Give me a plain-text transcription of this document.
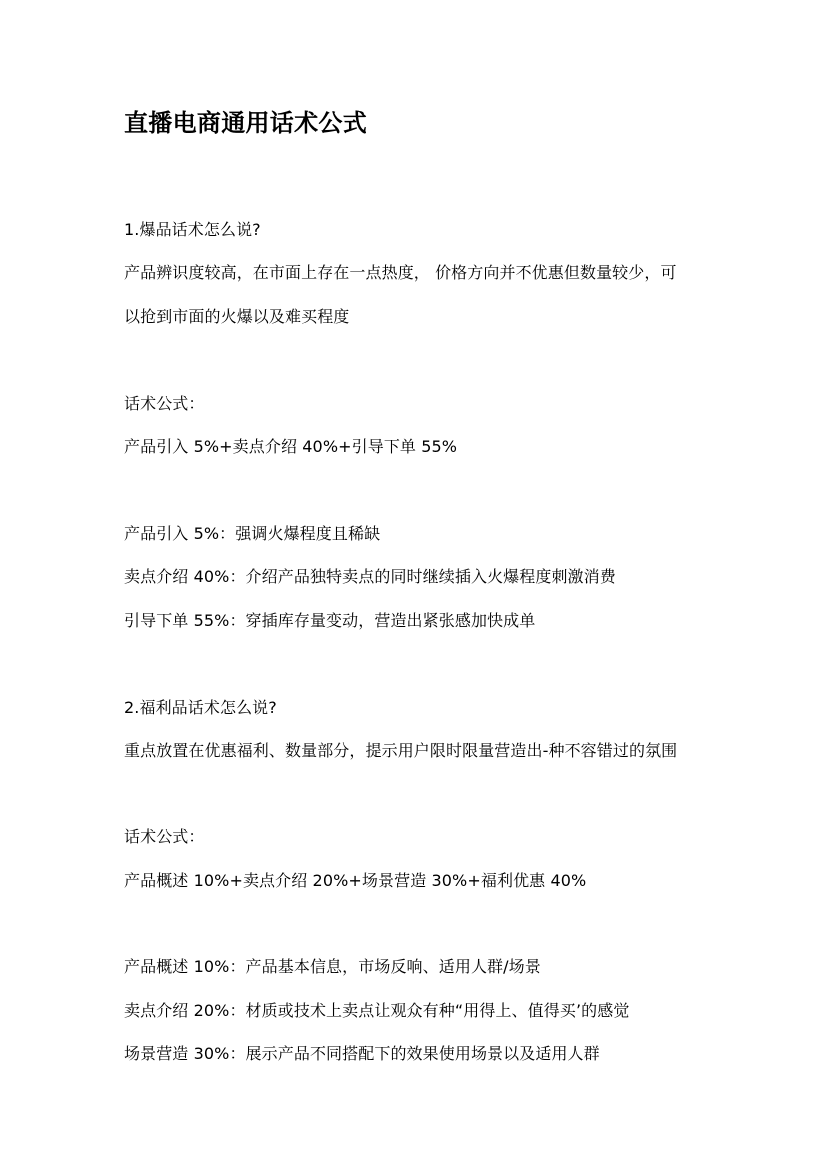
直播电商通用话术公式
1.爆品话术怎么说?
产品辨识度较高，在市面上存在一点热度， 价格方向并不优惠但数量较少，可
以抢到市面的火爆以及难买程度
话术公式：
产品引入 5%+卖点介绍 40%+引导下单 55%
产品引入 5%：强调火爆程度且稀缺
卖点介绍 40%：介绍产品独特卖点的同时继续插入火爆程度刺激消费
引导下单 55%：穿插库存量变动，营造出紧张感加快成单
2.福利品话术怎么说?
重点放置在优惠福利、数量部分，提示用户限时限量营造出-种不容错过的氛围
话术公式：
产品概述 10%+卖点介绍 20%+场景营造 30%+福利优惠 40%
产品概述 10%：产品基本信息，市场反响、适用人群/场景
卖点介绍 20%：材质或技术上卖点让观众有种“用得上、值得买’的感觉
场景营造 30%：展示产品不同搭配下的效果使用场景以及适用人群
